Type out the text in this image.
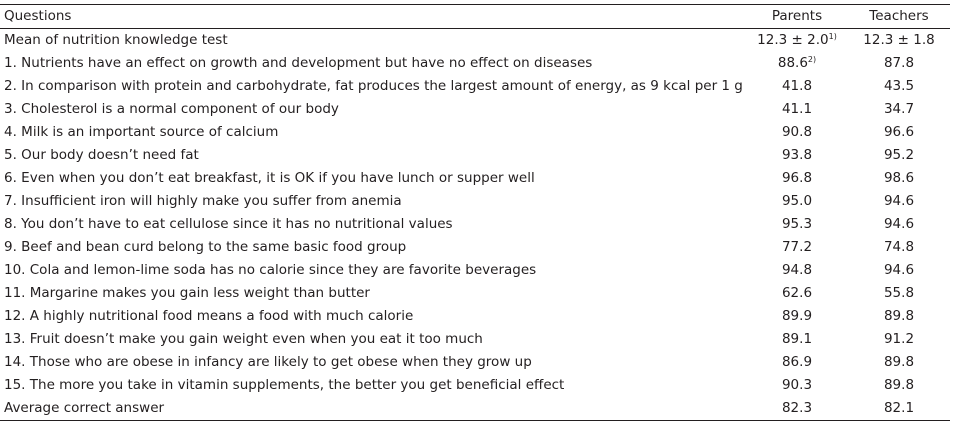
Questions	Parents	Teachers
Mean of nutrition knowledge test	$12.3 \pm 2.0^{1)}$	12.3 ± 1.8
1. Nutrients have an effect on growth and development but have no effect on diseases	88.6$^{2)}$	87.8
2. In comparison with protein and carbohydrate, fat produces the largest amount of energy, as 9 kcal per 1 g	41.8	43.5
3. Cholesterol is a normal component of our body	41.1	34.7
4. Milk is an important source of calcium	90.8	96.6
5. Our body doesn’t need fat	93.8	95.2
6. Even when you don’t eat breakfast, it is OK if you have lunch or supper well	96.8	98.6
7. Insufficient iron will highly make you suffer from anemia	95.0	94.6
8. You don’t have to eat cellulose since it has no nutritional values	95.3	94.6
9. Beef and bean curd belong to the same basic food group	77.2	74.8
10. Cola and lemon-lime soda has no calorie since they are favorite beverages	94.8	94.6
11. Margarine makes you gain less weight than butter	62.6	55.8
12. A highly nutritional food means a food with much calorie	89.9	89.8
13. Fruit doesn’t make you gain weight even when you eat it too much	89.1	91.2
14. Those who are obese in infancy are likely to get obese when they grow up	86.9	89.8
15. The more you take in vitamin supplements, the better you get beneficial effect	90.3	89.8
Average correct answer	82.3	82.1
